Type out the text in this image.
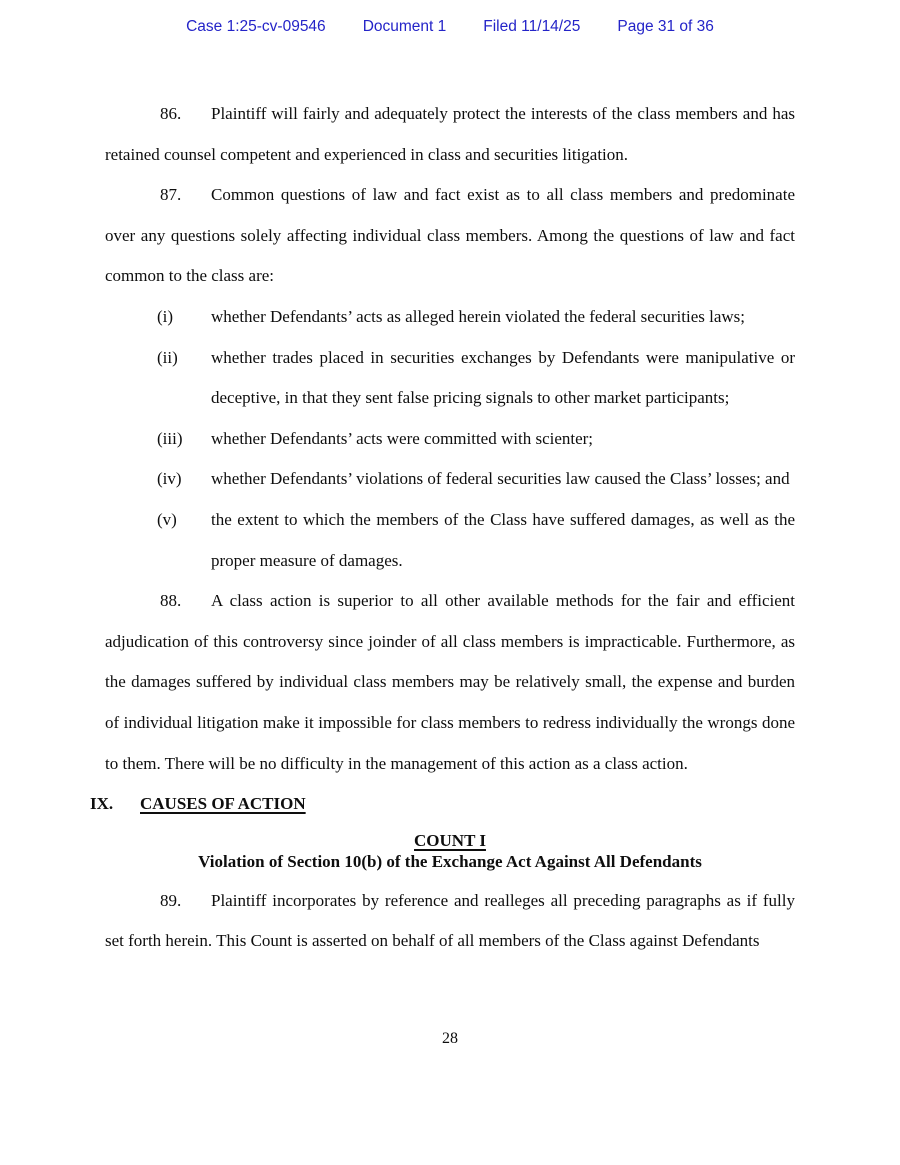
Case 1:25-cv-09546 Document 1 Filed 11/14/25 Page 31 of 36

86. Plaintiff will fairly and adequately protect the interests of the class members and has retained counsel competent and experienced in class and securities litigation.

87. Common questions of law and fact exist as to all class members and predominate over any questions solely affecting individual class members. Among the questions of law and fact common to the class are:

(i) whether Defendants’ acts as alleged herein violated the federal securities laws;
(ii) whether trades placed in securities exchanges by Defendants were manipulative or deceptive, in that they sent false pricing signals to other market participants;
(iii) whether Defendants’ acts were committed with scienter;
(iv) whether Defendants’ violations of federal securities law caused the Class’ losses; and
(v) the extent to which the members of the Class have suffered damages, as well as the proper measure of damages.

88. A class action is superior to all other available methods for the fair and efficient adjudication of this controversy since joinder of all class members is impracticable. Furthermore, as the damages suffered by individual class members may be relatively small, the expense and burden of individual litigation make it impossible for class members to redress individually the wrongs done to them. There will be no difficulty in the management of this action as a class action.

IX. CAUSES OF ACTION

COUNT I
Violation of Section 10(b) of the Exchange Act Against All Defendants

89. Plaintiff incorporates by reference and realleges all preceding paragraphs as if fully set forth herein. This Count is asserted on behalf of all members of the Class against Defendants

28
